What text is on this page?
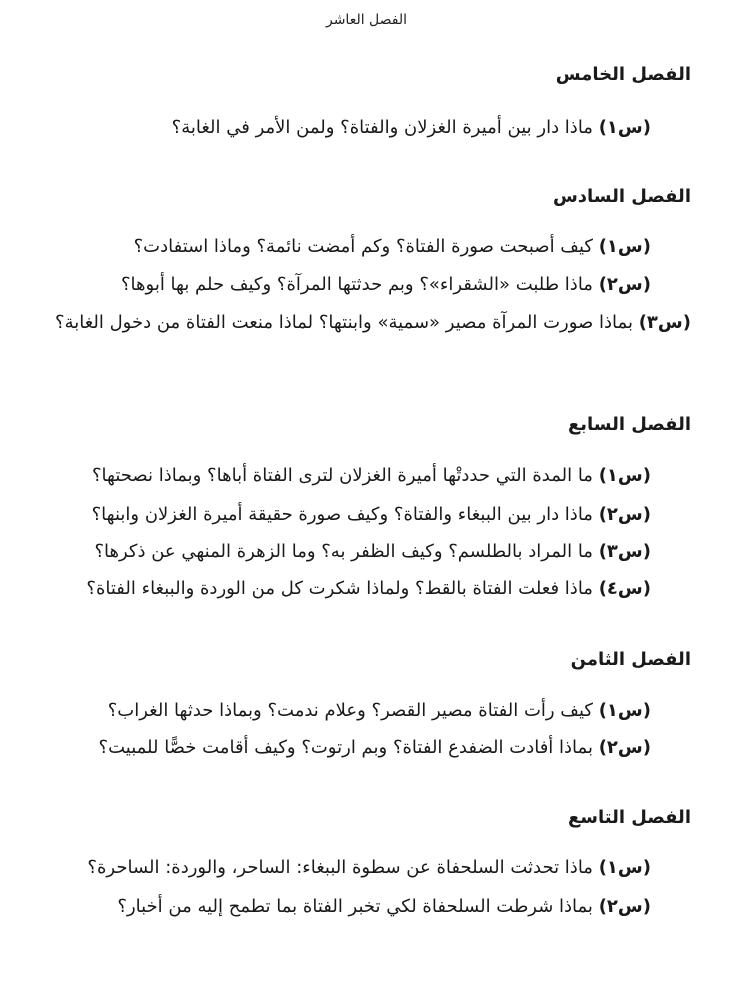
الفصل العاشر
الفصل الخامس
(س١) ماذا دار بين أميرة الغزلان والفتاة؟ ولمن الأمر في الغابة؟
الفصل السادس
(س١) كيف أصبحت صورة الفتاة؟ وكم أمضت نائمة؟ وماذا استفادت؟
(س٢) ماذا طلبت «الشقراء»؟ وبم حدثتها المرآة؟ وكيف حلم بها أبوها؟
(س٣) بماذا صورت المرآة مصير «سمية» وابنتها؟ لماذا منعت الفتاة من دخول الغابة؟
الفصل السابع
(س١) ما المدة التي حددتْها أميرة الغزلان لترى الفتاة أباها؟ وبماذا نصحتها؟
(س٢) ماذا دار بين الببغاء والفتاة؟ وكيف صورة حقيقة أميرة الغزلان وابنها؟
(س٣) ما المراد بالطلسم؟ وكيف الظفر به؟ وما الزهرة المنهي عن ذكرها؟
(س٤) ماذا فعلت الفتاة بالقط؟ ولماذا شكرت كل من الوردة والببغاء الفتاة؟
الفصل الثامن
(س١) كيف رأت الفتاة مصير القصر؟ وعلام ندمت؟ وبماذا حدثها الغراب؟
(س٢) بماذا أفادت الضفدع الفتاة؟ وبم ارتوت؟ وكيف أقامت خصًّا للمبيت؟
الفصل التاسع
(س١) ماذا تحدثت السلحفاة عن سطوة الببغاء: الساحر، والوردة: الساحرة؟
(س٢) بماذا شرطت السلحفاة لكي تخبر الفتاة بما تطمح إليه من أخبار؟
